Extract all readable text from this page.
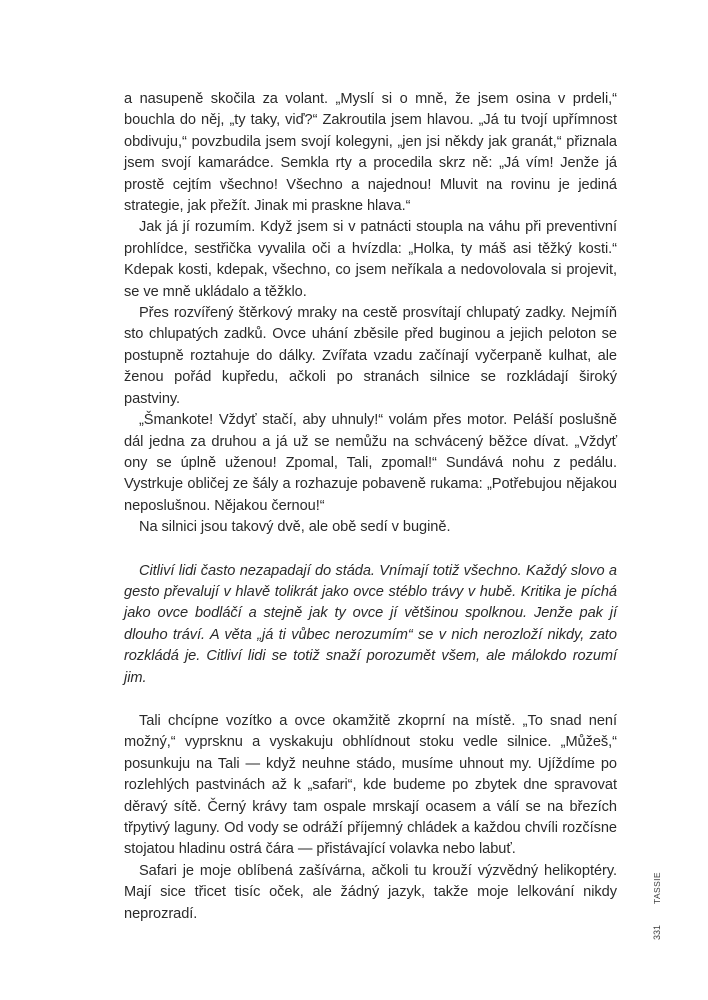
a nasupeně skočila za volant. „Myslí si o mně, že jsem osina v prdeli,“ bouchla do něj, „ty taky, viď?“ Zakroutila jsem hlavou. „Já tu tvojí upřímnost obdivuju,“ povzbudila jsem svojí kolegyni, „jen jsi někdy jak granát,“ přiznala jsem svojí kamarádce. Semkla rty a procedila skrz ně: „Já vím! Jenže já prostě cejtím všechno! Všechno a najednou! Mluvit na rovinu je jediná strategie, jak přežít. Jinak mi praskne hlava.“

Jak já jí rozumím. Když jsem si v patnácti stoupla na váhu při preventivní prohlídce, sestřička vyvalila oči a hvízdla: „Holka, ty máš asi těžký kosti.“ Kdepak kosti, kdepak, všechno, co jsem neříkala a nedovolovala si projevit, se ve mně ukládalo a těžklo.

Přes rozvířený štěrkový mraky na cestě prosvítají chlupatý zadky. Nejmíň sto chlupatých zadků. Ovce uhání zběsile před buginou a jejich peloton se postupně roztahuje do dálky. Zvířata vzadu začínají vyčerpaně kulhat, ale ženou pořád kupředu, ačkoli po stranách silnice se rozkládají široký pastviny.

„Šmankote! Vždyť stačí, aby uhnuly!“ volám přes motor. Peláší poslušně dál jedna za druhou a já už se nemůžu na schvácený běžce dívat. „Vždyť ony se úplně uženou! Zpomal, Tali, zpomal!“ Sundává nohu z pedálu. Vystrkuje obličej ze šály a rozhazuje pobaveně rukama: „Potřebujou nějakou neposlušnou. Nějakou černou!“

Na silnici jsou takový dvě, ale obě sedí v bugině.

Citliví lidi často nezapadají do stáda. Vnímají totiž všechno. Každý slovo a gesto převalují v hlavě tolikrát jako ovce stéblo trávy v hubě. Kritika je píchá jako ovce bodláčí a stejně jak ty ovce jí většinou spolknou. Jenže pak jí dlouho tráví. A věta „já ti vůbec nerozumím“ se v nich nerozloží nikdy, zato rozkládá je. Citliví lidi se totiž snaží porozumět všem, ale málokdo rozumí jim.

Tali chcípne vozítko a ovce okamžitě zkoprní na místě. „To snad není možný,“ vyprsknu a vyskakuju obhlídnout stoku vedle silnice. „Můžeš,“ posunkuju na Tali — když neuhne stádo, musíme uhnout my. Ujíždíme po rozlehlých pastvinách až k „safari“, kde budeme po zbytek dne spravovat děravý sítě. Černý krávy tam ospale mrskají ocasem a válí se na březích třpytivý laguny. Od vody se odráží příjemný chládek a každou chvíli rozčísne stojatou hladinu ostrá čára — přistávající volavka nebo labuť.

Safari je moje oblíbená zašívárna, ačkoli tu krouží výzvědný helikoptéry. Mají sice třicet tisíc oček, ale žádný jazyk, takže moje lelkování nikdy neprozradí.

TASSIE
331
